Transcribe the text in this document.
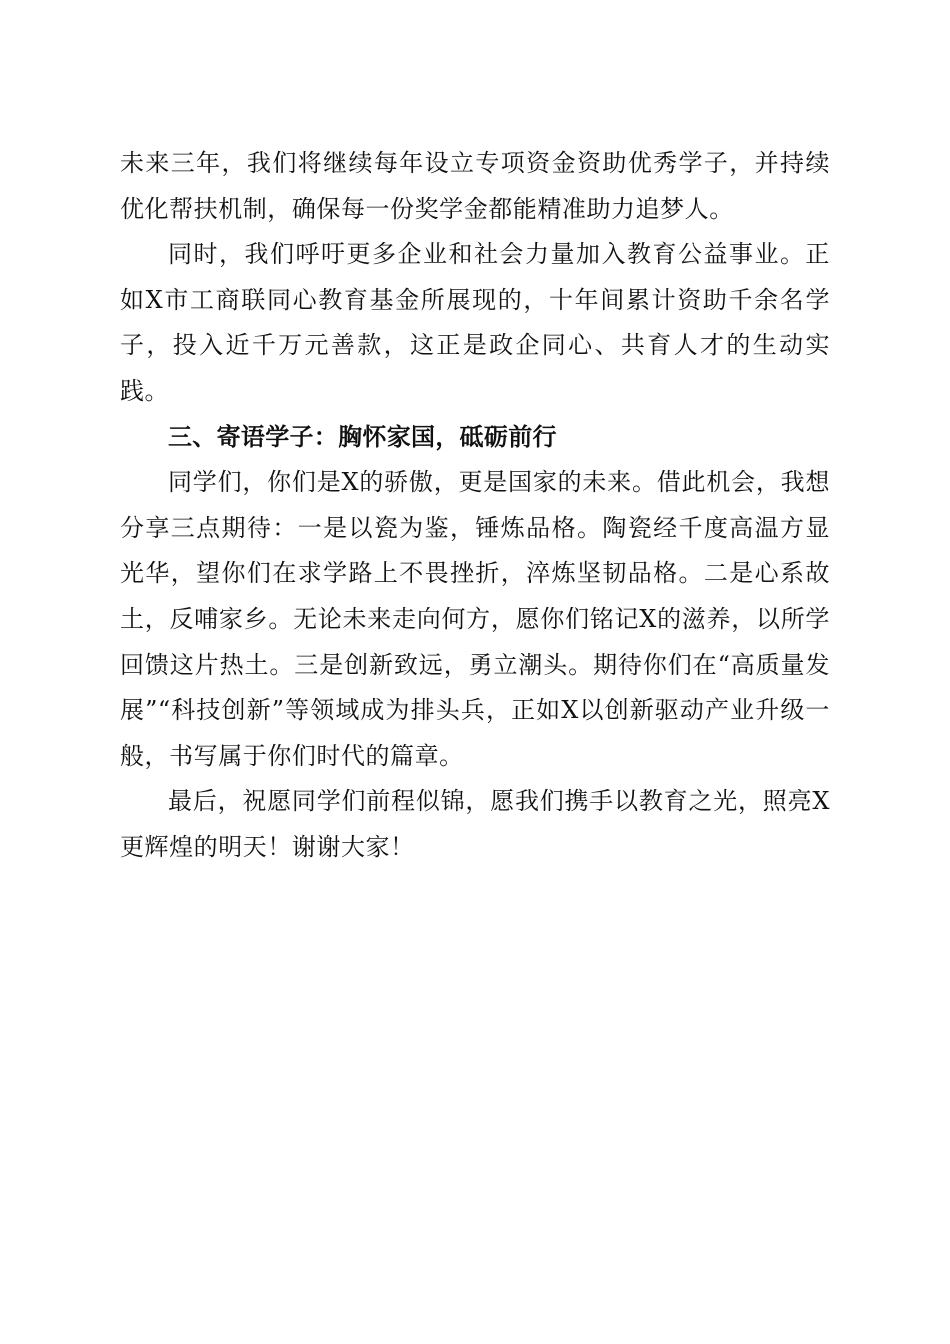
未来三年，我们将继续每年设立专项资金资助优秀学子，并持续优化帮扶机制，确保每一份奖学金都能精准助力追梦人。

同时，我们呼吁更多企业和社会力量加入教育公益事业。正如X市工商联同心教育基金所展现的，十年间累计资助千余名学子，投入近千万元善款，这正是政企同心、共育人才的生动实践。

三、寄语学子：胸怀家国，砥砺前行

同学们，你们是X的骄傲，更是国家的未来。借此机会，我想分享三点期待：一是以瓷为鉴，锤炼品格。陶瓷经千度高温方显光华，望你们在求学路上不畏挫折，淬炼坚韧品格。二是心系故土，反哺家乡。无论未来走向何方，愿你们铭记X的滋养，以所学回馈这片热土。三是创新致远，勇立潮头。期待你们在“高质量发展”“科技创新”等领域成为排头兵，正如X以创新驱动产业升级一般，书写属于你们时代的篇章。

最后，祝愿同学们前程似锦，愿我们携手以教育之光，照亮X更辉煌的明天！谢谢大家！
